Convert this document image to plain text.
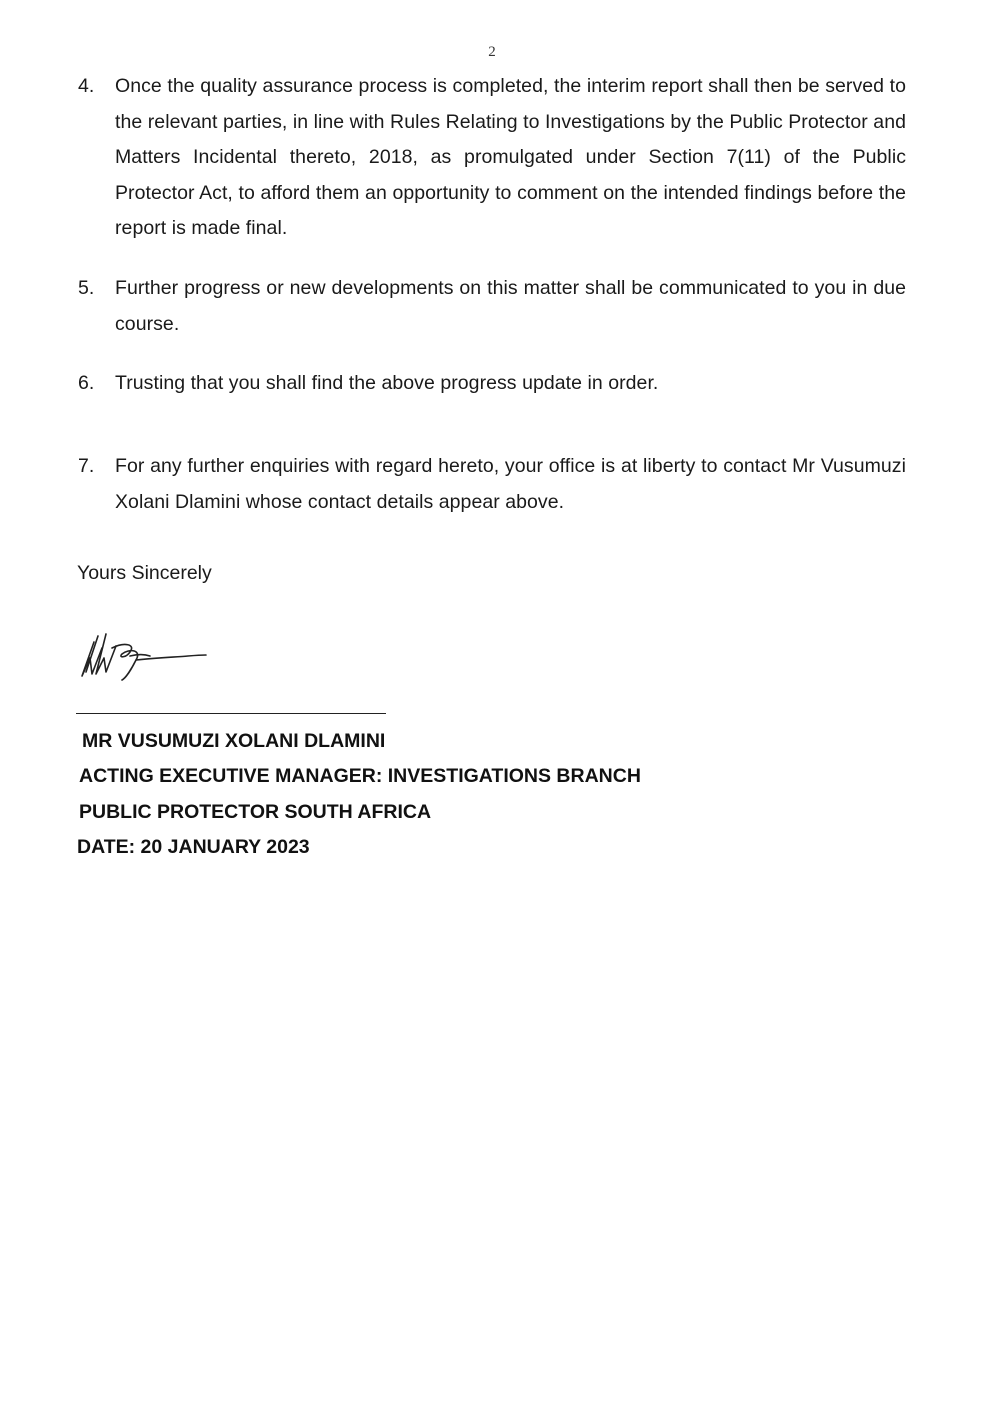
2
4. Once the quality assurance process is completed, the interim report shall then be served to the relevant parties, in line with Rules Relating to Investigations by the Public Protector and Matters Incidental thereto, 2018, as promulgated under Section 7(11) of the Public Protector Act, to afford them an opportunity to comment on the intended findings before the report is made final.
5. Further progress or new developments on this matter shall be communicated to you in due course.
6. Trusting that you shall find the above progress update in order.
7. For any further enquiries with regard hereto, your office is at liberty to contact Mr Vusumuzi Xolani Dlamini whose contact details appear above.
Yours Sincerely
MR VUSUMUZI XOLANI DLAMINI
ACTING EXECUTIVE MANAGER: INVESTIGATIONS BRANCH
PUBLIC PROTECTOR SOUTH AFRICA
DATE: 20 JANUARY 2023
